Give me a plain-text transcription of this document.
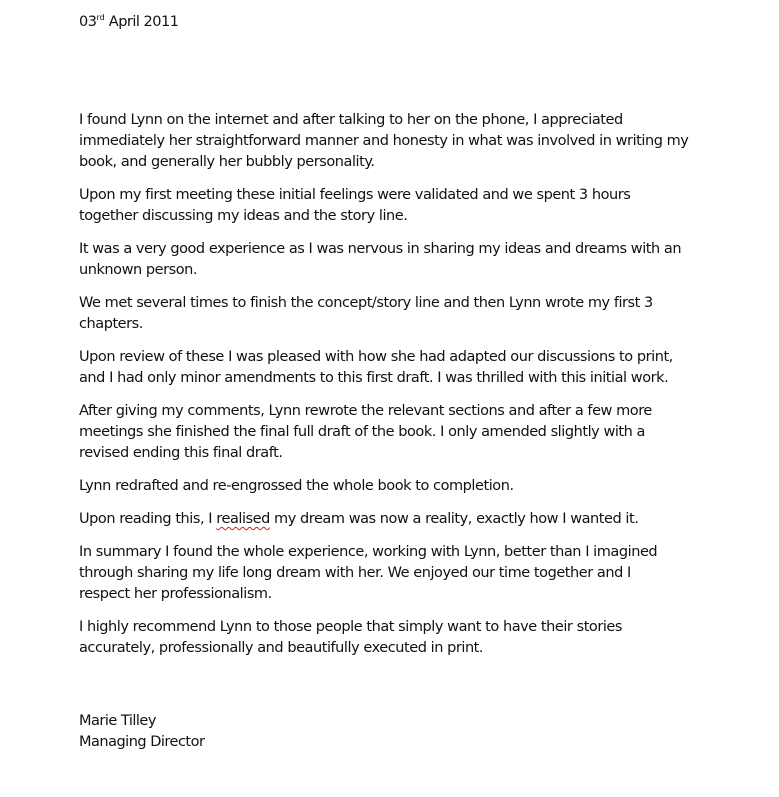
03rd April 2011

I found Lynn on the internet and after talking to her on the phone, I appreciated
immediately her straightforward manner and honesty in what was involved in writing my
book, and generally her bubbly personality.

Upon my first meeting these initial feelings were validated and we spent 3 hours
together discussing my ideas and the story line.

It was a very good experience as I was nervous in sharing my ideas and dreams with an
unknown person.

We met several times to finish the concept/story line and then Lynn wrote my first 3
chapters.

Upon review of these I was pleased with how she had adapted our discussions to print,
and I had only minor amendments to this first draft. I was thrilled with this initial work.

After giving my comments, Lynn rewrote the relevant sections and after a few more
meetings she finished the final full draft of the book. I only amended slightly with a
revised ending this final draft.

Lynn redrafted and re-engrossed the whole book to completion.

Upon reading this, I realised my dream was now a reality, exactly how I wanted it.

In summary I found the whole experience, working with Lynn, better than I imagined
through sharing my life long dream with her. We enjoyed our time together and I
respect her professionalism.

I highly recommend Lynn to those people that simply want to have their stories
accurately, professionally and beautifully executed in print.

Marie Tilley
Managing Director
